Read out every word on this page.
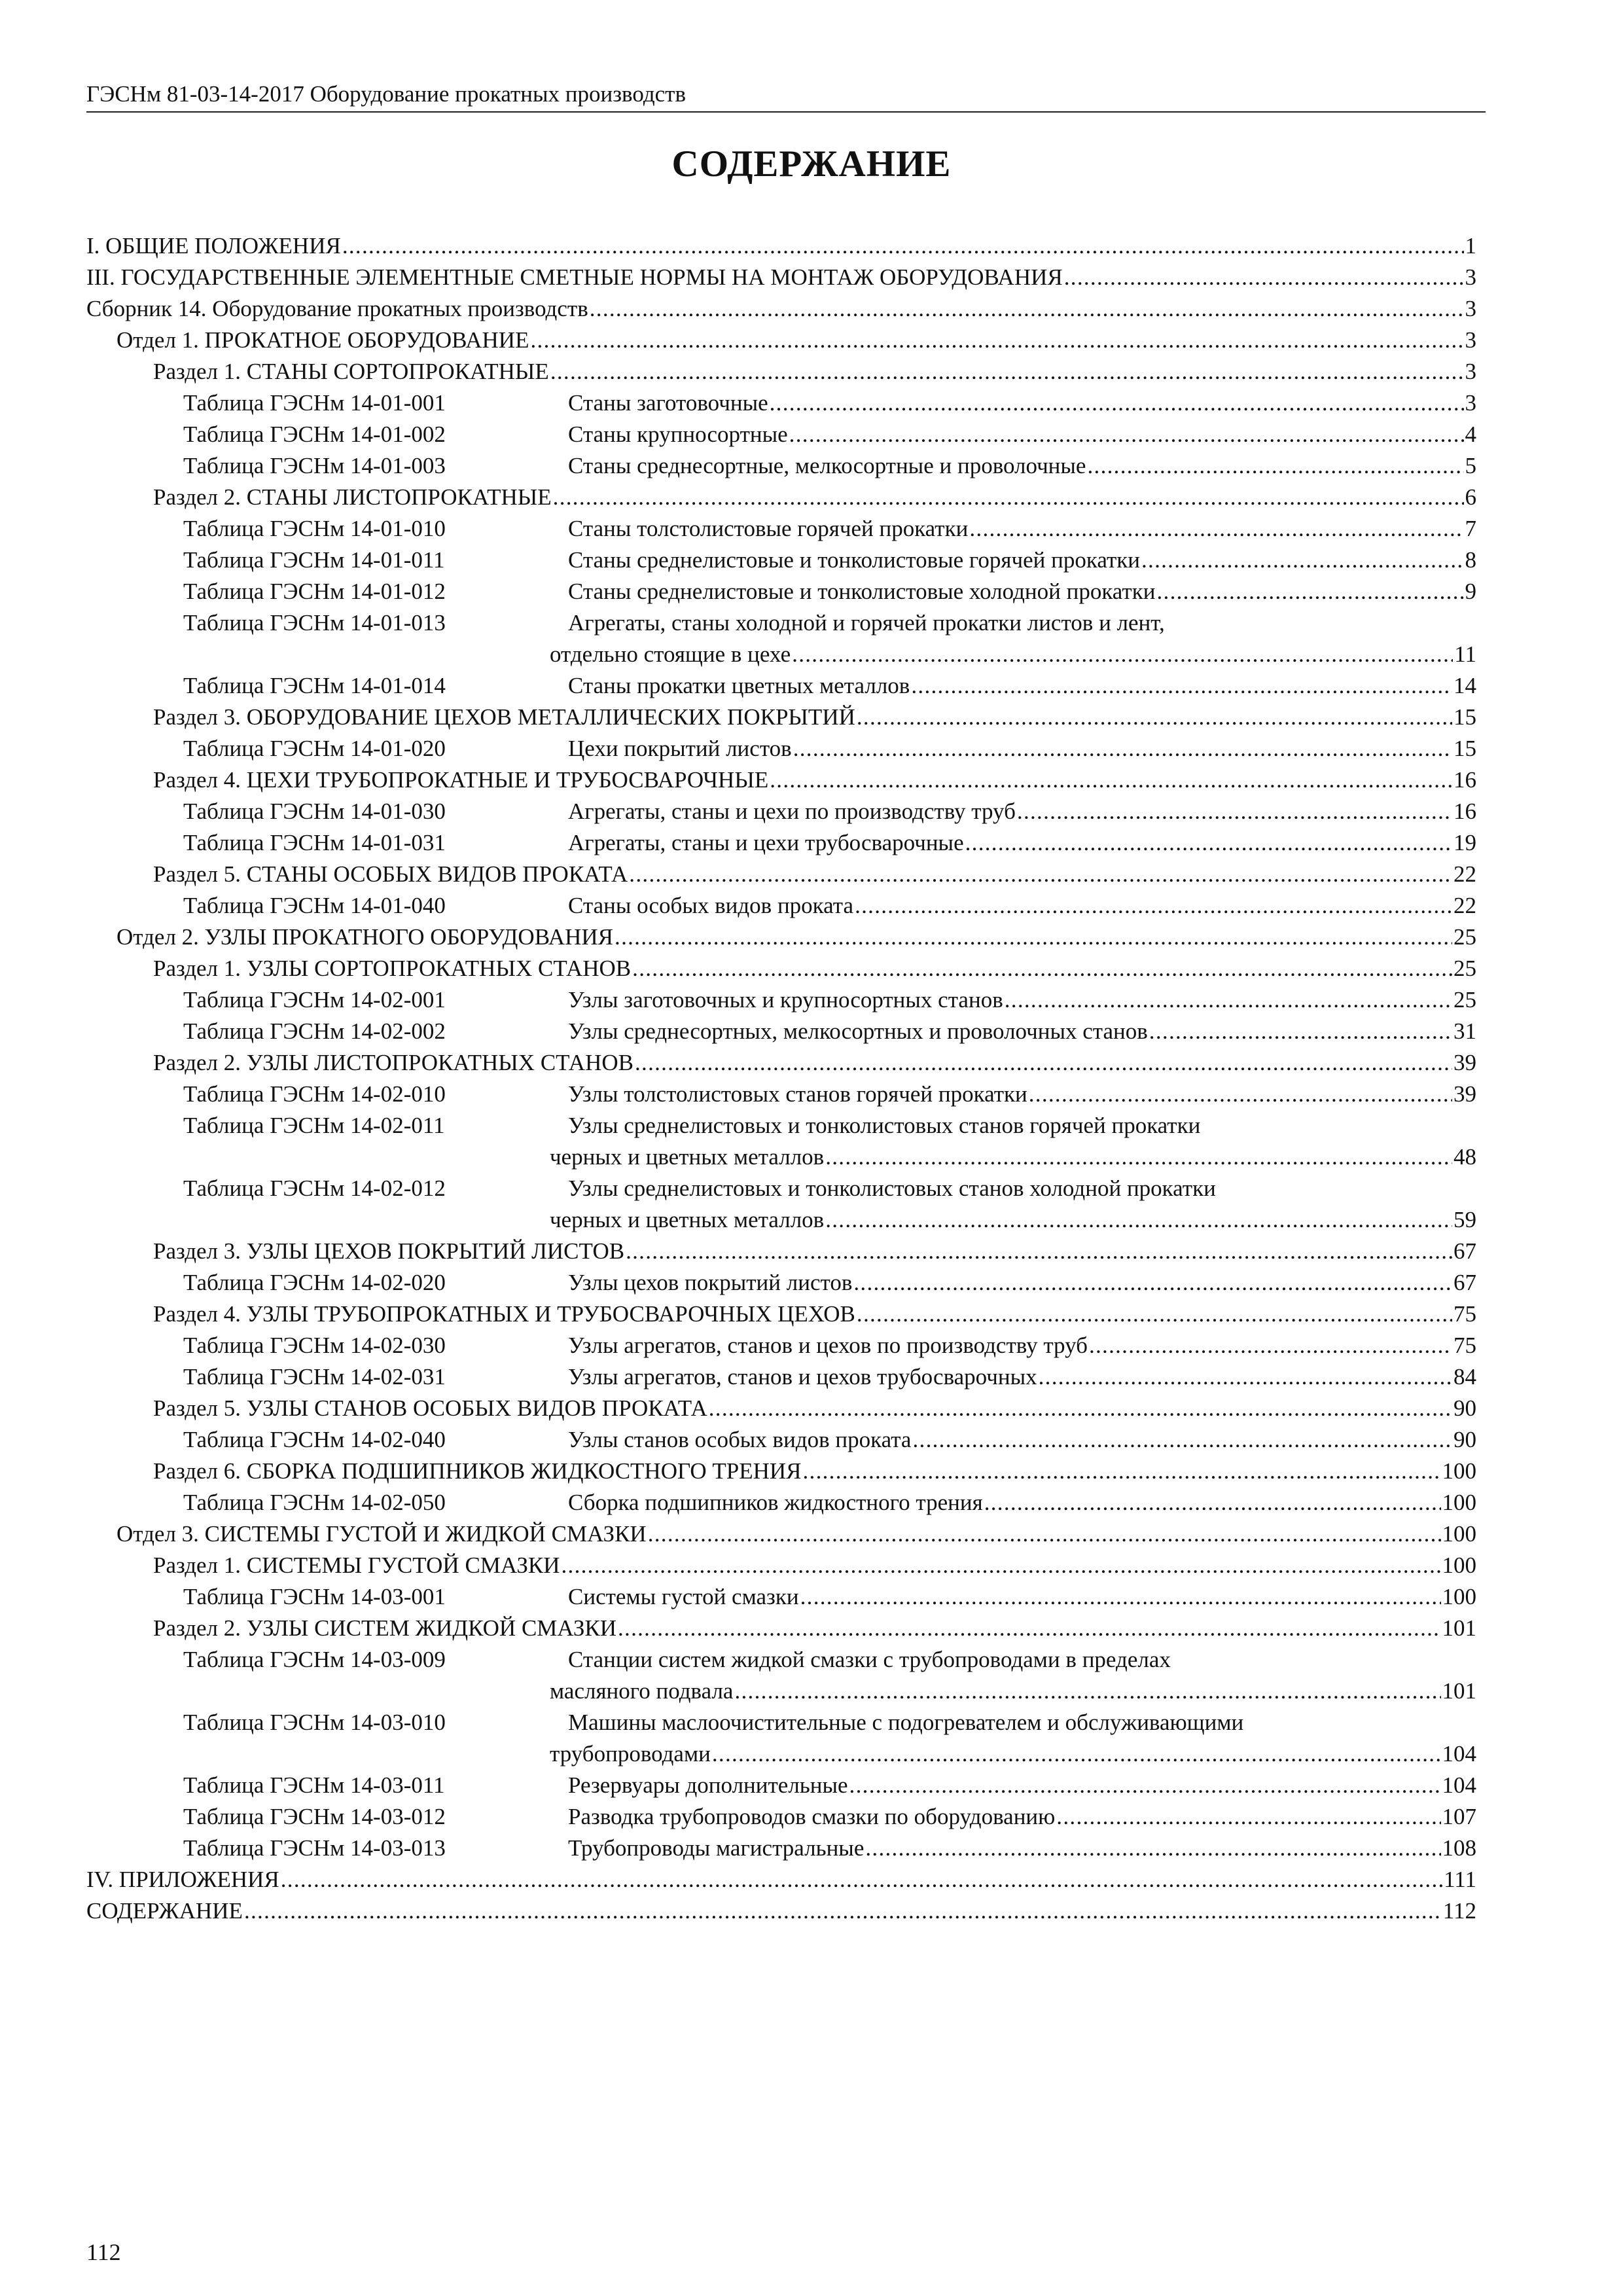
ГЭСНм 81-03-14-2017 Оборудование прокатных производств
СОДЕРЖАНИЕ
I. ОБЩИЕ ПОЛОЖЕНИЯ .....	1
III. ГОСУДАРСТВЕННЫЕ ЭЛЕМЕНТНЫЕ СМЕТНЫЕ НОРМЫ НА МОНТАЖ ОБОРУДОВАНИЯ .....	3
Сборник 14. Оборудование прокатных производств .....	3
Отдел 1. ПРОКАТНОЕ ОБОРУДОВАНИЕ .....	3
Раздел 1. СТАНЫ СОРТОПРОКАТНЫЕ .....	3
Таблица ГЭСНм 14-01-001	Станы заготовочные .....	3
Таблица ГЭСНм 14-01-002	Станы крупносортные .....	4
Таблица ГЭСНм 14-01-003	Станы среднесортные, мелкосортные и проволочные .....	5
Раздел 2. СТАНЫ ЛИСТОПРОКАТНЫЕ .....	6
Таблица ГЭСНм 14-01-010	Станы толстолистовые горячей прокатки .....	7
Таблица ГЭСНм 14-01-011	Станы среднелистовые и тонколистовые горячей прокатки .....	8
Таблица ГЭСНм 14-01-012	Станы среднелистовые и тонколистовые холодной прокатки .....	9
Таблица ГЭСНм 14-01-013	Агрегаты, станы холодной и горячей прокатки листов и лент,
отдельно стоящие в цехе .....	11
Таблица ГЭСНм 14-01-014	Станы прокатки цветных металлов .....	14
Раздел 3. ОБОРУДОВАНИЕ ЦЕХОВ МЕТАЛЛИЧЕСКИХ ПОКРЫТИЙ .....	15
Таблица ГЭСНм 14-01-020	Цехи покрытий листов .....	15
Раздел 4. ЦЕХИ ТРУБОПРОКАТНЫЕ И ТРУБОСВАРОЧНЫЕ .....	16
Таблица ГЭСНм 14-01-030	Агрегаты, станы и цехи по производству труб .....	16
Таблица ГЭСНм 14-01-031	Агрегаты, станы и цехи трубосварочные .....	19
Раздел 5. СТАНЫ ОСОБЫХ ВИДОВ ПРОКАТА .....	22
Таблица ГЭСНм 14-01-040	Станы особых видов проката .....	22
Отдел 2. УЗЛЫ ПРОКАТНОГО ОБОРУДОВАНИЯ .....	25
Раздел 1. УЗЛЫ СОРТОПРОКАТНЫХ СТАНОВ .....	25
Таблица ГЭСНм 14-02-001	Узлы заготовочных и крупносортных станов .....	25
Таблица ГЭСНм 14-02-002	Узлы среднесортных, мелкосортных и проволочных станов .....	31
Раздел 2. УЗЛЫ ЛИСТОПРОКАТНЫХ СТАНОВ .....	39
Таблица ГЭСНм 14-02-010	Узлы толстолистовых станов горячей прокатки .....	39
Таблица ГЭСНм 14-02-011	Узлы среднелистовых и тонколистовых станов горячей прокатки
черных и цветных металлов .....	48
Таблица ГЭСНм 14-02-012	Узлы среднелистовых и тонколистовых станов холодной прокатки
черных и цветных металлов .....	59
Раздел 3. УЗЛЫ ЦЕХОВ ПОКРЫТИЙ ЛИСТОВ .....	67
Таблица ГЭСНм 14-02-020	Узлы цехов покрытий листов .....	67
Раздел 4. УЗЛЫ ТРУБОПРОКАТНЫХ И ТРУБОСВАРОЧНЫХ ЦЕХОВ .....	75
Таблица ГЭСНм 14-02-030	Узлы агрегатов, станов и цехов по производству труб .....	75
Таблица ГЭСНм 14-02-031	Узлы агрегатов, станов и цехов трубосварочных .....	84
Раздел 5. УЗЛЫ СТАНОВ ОСОБЫХ ВИДОВ ПРОКАТА .....	90
Таблица ГЭСНм 14-02-040	Узлы станов особых видов проката .....	90
Раздел 6. СБОРКА ПОДШИПНИКОВ ЖИДКОСТНОГО ТРЕНИЯ .....	100
Таблица ГЭСНм 14-02-050	Сборка подшипников жидкостного трения .....	100
Отдел 3. СИСТЕМЫ ГУСТОЙ И ЖИДКОЙ СМАЗКИ .....	100
Раздел 1. СИСТЕМЫ ГУСТОЙ СМАЗКИ .....	100
Таблица ГЭСНм 14-03-001	Системы густой смазки .....	100
Раздел 2. УЗЛЫ СИСТЕМ ЖИДКОЙ СМАЗКИ .....	101
Таблица ГЭСНм 14-03-009	Станции систем жидкой смазки с трубопроводами в пределах
масляного подвала .....	101
Таблица ГЭСНм 14-03-010	Машины маслоочистительные с подогревателем и обслуживающими
трубопроводами .....	104
Таблица ГЭСНм 14-03-011	Резервуары дополнительные .....	104
Таблица ГЭСНм 14-03-012	Разводка трубопроводов смазки по оборудованию .....	107
Таблица ГЭСНм 14-03-013	Трубопроводы магистральные .....	108
IV. ПРИЛОЖЕНИЯ .....	111
СОДЕРЖАНИЕ .....	112
112
